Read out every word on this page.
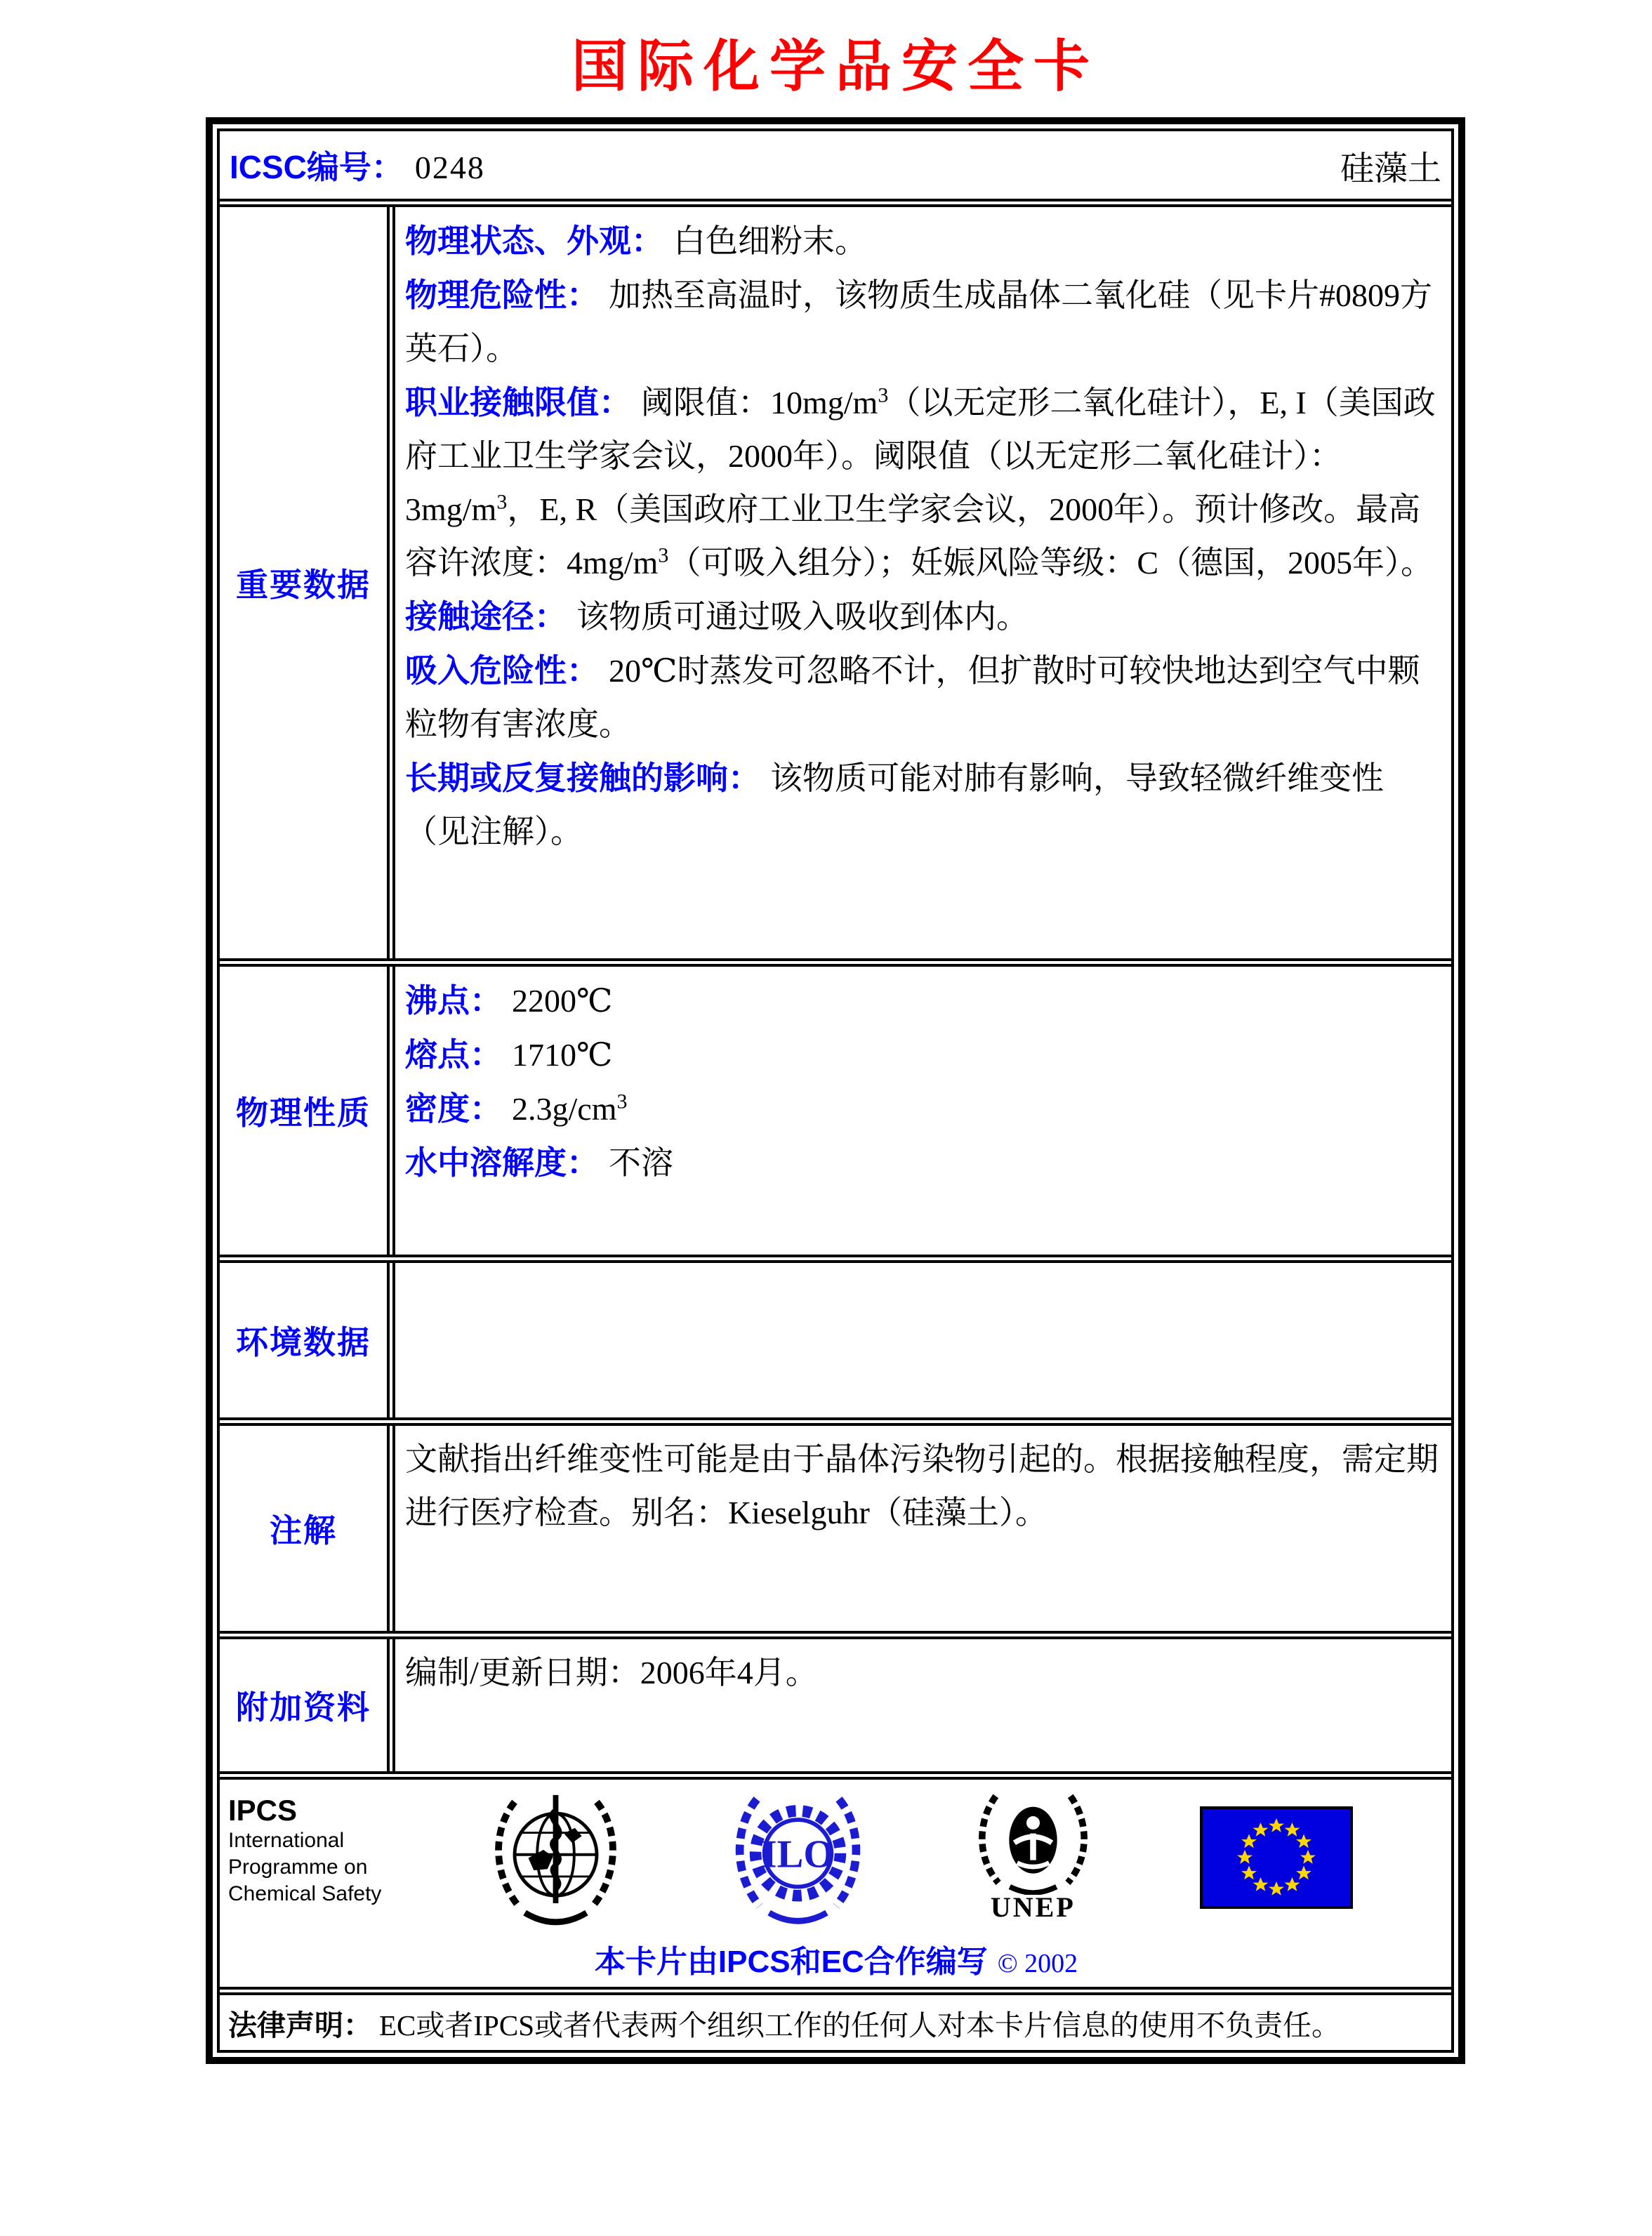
国际化学品安全卡
ICSC编号： 0248	硅藻土
重要数据

物理状态、外观： 白色细粉末。

物理危险性： 加热至高温时，该物质生成晶体二氧化硅（见卡片#0809方英石）。

职业接触限值： 阈限值：$10mg/m^3$（以无定形二氧化硅计），E, I（美国政府工业卫生学家会议，2000年）。阈限值（以无定形二氧化硅计）：$3mg/m^3$，E, R（美国政府工业卫生学家会议，2000年）。预计修改。最高容许浓度：$4mg/m^3$（可吸入组分）；妊娠风险等级：C（德国，2005年）。

接触途径： 该物质可通过吸入吸收到体内。

吸入危险性： 20℃时蒸发可忽略不计，但扩散时可较快地达到空气中颗粒物有害浓度。

长期或反复接触的影响： 该物质可能对肺有影响，导致轻微纤维变性（见注解）。

物理性质

沸点： 2200℃

熔点： 1710℃

密度： $2.3g/cm^3$

水中溶解度： 不溶

环境数据
注解

文献指出纤维变性可能是由于晶体污染物引起的。根据接触程度，需定期进行医疗检查。别名：Kieselguhr（硅藻土）。

附加资料

编制/更新日期：2006年4月。

IPCS
International
Programme on
Chemical Safety
ILO
UNEP
本卡片由IPCS和EC合作编写 © 2002
法律声明： EC或者IPCS或者代表两个组织工作的任何人对本卡片信息的使用不负责任。
